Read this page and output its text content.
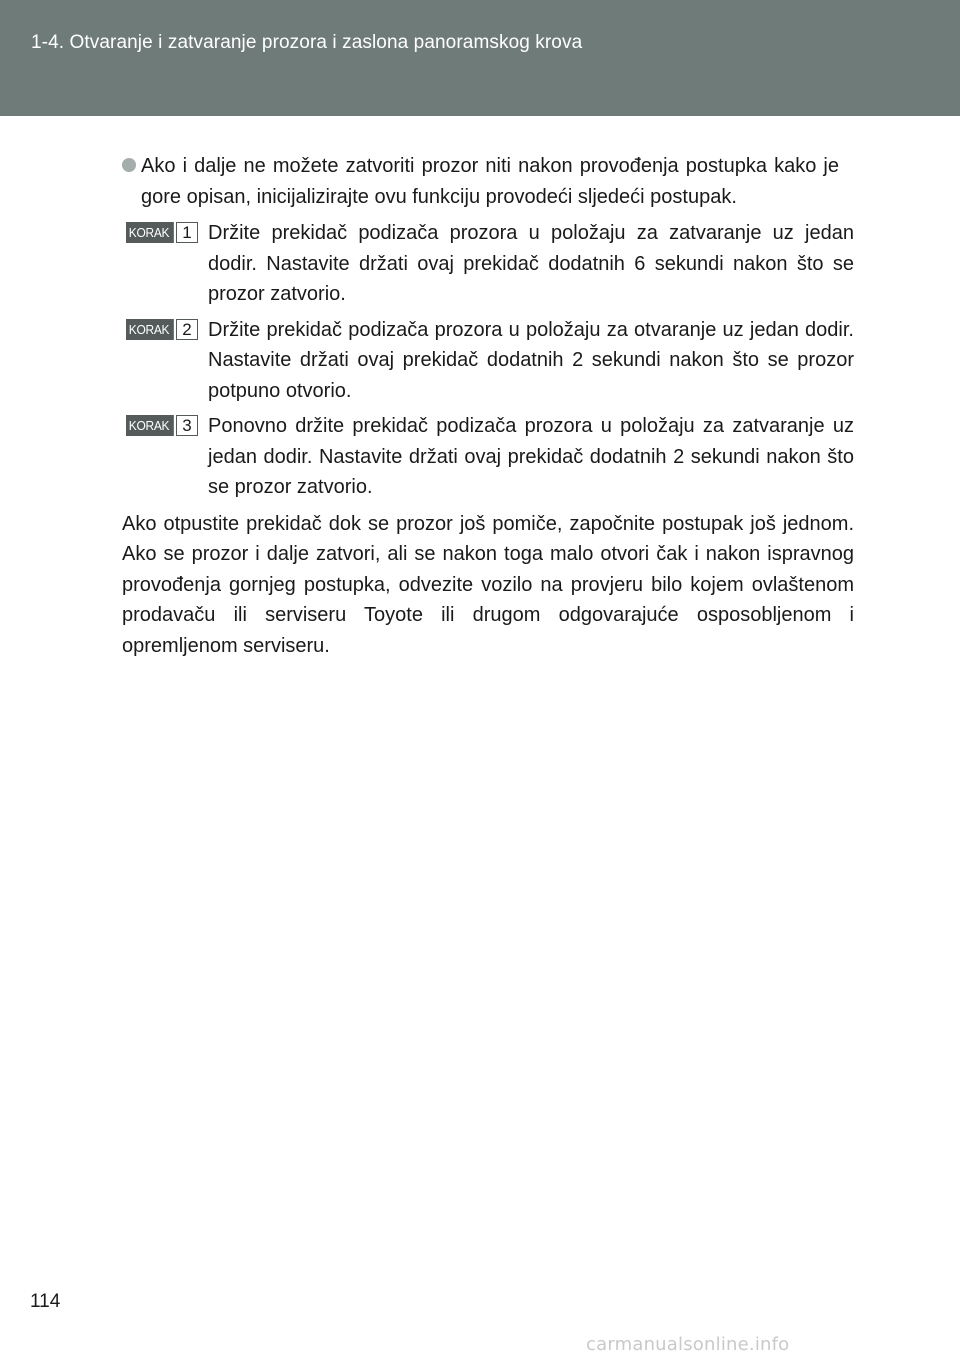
1-4. Otvaranje i zatvaranje prozora i zaslona panoramskog krova
Ako i dalje ne možete zatvoriti prozor niti nakon provođenja postupka kako je gore opisan, inicijalizirajte ovu funkciju provodeći sljedeći postupak.
KORAK 1 Držite prekidač podizača prozora u položaju za zatvaranje uz jedan dodir. Nastavite držati ovaj prekidač dodatnih 6 sekundi nakon što se prozor zatvorio.
KORAK 2 Držite prekidač podizača prozora u položaju za otvaranje uz jedan dodir. Nastavite držati ovaj prekidač dodatnih 2 sekundi nakon što se prozor potpuno otvorio.
KORAK 3 Ponovno držite prekidač podizača prozora u položaju za zatvaranje uz jedan dodir. Nastavite držati ovaj prekidač dodatnih 2 sekundi nakon što se prozor zatvorio.
Ako otpustite prekidač dok se prozor još pomiče, započnite postupak još jednom. Ako se prozor i dalje zatvori, ali se nakon toga malo otvori čak i nakon ispravnog provođenja gornjeg postupka, odvezite vozilo na provjeru bilo kojem ovlaštenom prodavaču ili serviseru Toyote ili drugom odgovarajuće osposobljenom i opremljenom serviseru.
114
carmanualsonline.info
